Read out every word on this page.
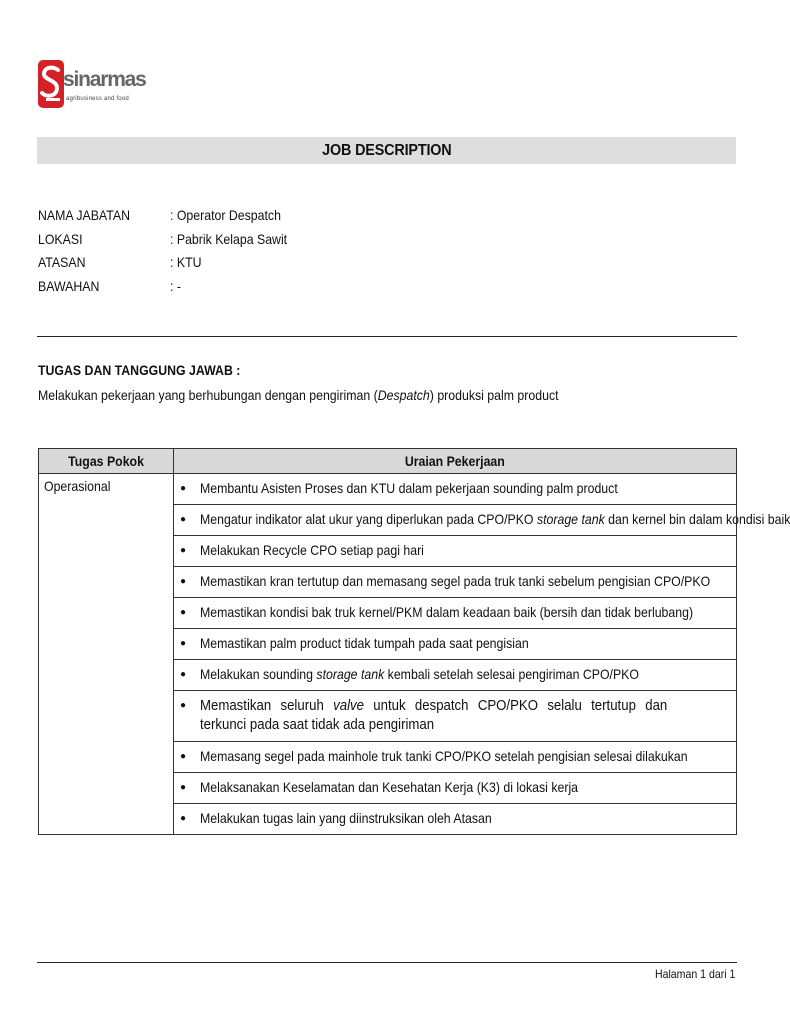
sinarmas
agribusiness and food
JOB DESCRIPTION
NAMA JABATAN	: Operator Despatch
LOKASI	: Pabrik Kelapa Sawit
ATASAN	: KTU
BAWAHAN	: -
TUGAS DAN TANGGUNG JAWAB :
Melakukan pekerjaan yang berhubungan dengan pengiriman (Despatch) produksi palm product
Tugas Pokok	Uraian Pekerjaan
Operasional	● Membantu Asisten Proses dan KTU dalam pekerjaan sounding palm product

	● Mengatur indikator alat ukur yang diperlukan pada CPO/PKO storage tank dan kernel bin dalam kondisi baik

	● Melakukan Recycle CPO setiap pagi hari

	● Memastikan kran tertutup dan memasang segel pada truk tanki sebelum pengisian CPO/PKO

	● Memastikan kondisi bak truk kernel/PKM dalam keadaan baik (bersih dan tidak berlubang)

	● Memastikan palm product tidak tumpah pada saat pengisian

	● Melakukan sounding storage tank kembali setelah selesai pengiriman CPO/PKO

	● Memastikan seluruh valve untuk despatch CPO/PKO selalu tertutup dan terkunci pada saat tidak ada pengiriman

	● Memasang segel pada mainhole truk tanki CPO/PKO setelah pengisian selesai dilakukan

	● Melaksanakan Keselamatan dan Kesehatan Kerja (K3) di lokasi kerja

	● Melakukan tugas lain yang diinstruksikan oleh Atasan
Halaman 1 dari 1
